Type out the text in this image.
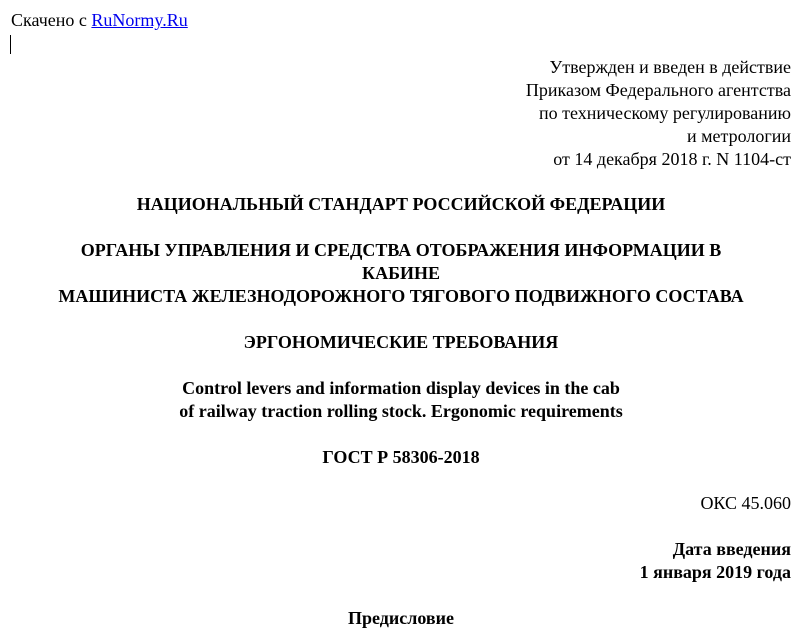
Скачено с RuNormy.Ru
Утвержден и введен в действие
Приказом Федерального агентства
по техническому регулированию
и метрологии
от 14 декабря 2018 г. N 1104-ст
НАЦИОНАЛЬНЫЙ СТАНДАРТ РОССИЙСКОЙ ФЕДЕРАЦИИ
ОРГАНЫ УПРАВЛЕНИЯ И СРЕДСТВА ОТОБРАЖЕНИЯ ИНФОРМАЦИИ В
КАБИНЕ
МАШИНИСТА ЖЕЛЕЗНОДОРОЖНОГО ТЯГОВОГО ПОДВИЖНОГО СОСТАВА
ЭРГОНОМИЧЕСКИЕ ТРЕБОВАНИЯ
Control levers and information display devices in the cab
of railway traction rolling stock. Ergonomic requirements
ГОСТ Р 58306-2018
ОКС 45.060
Дата введения
1 января 2019 года
Предисловие
